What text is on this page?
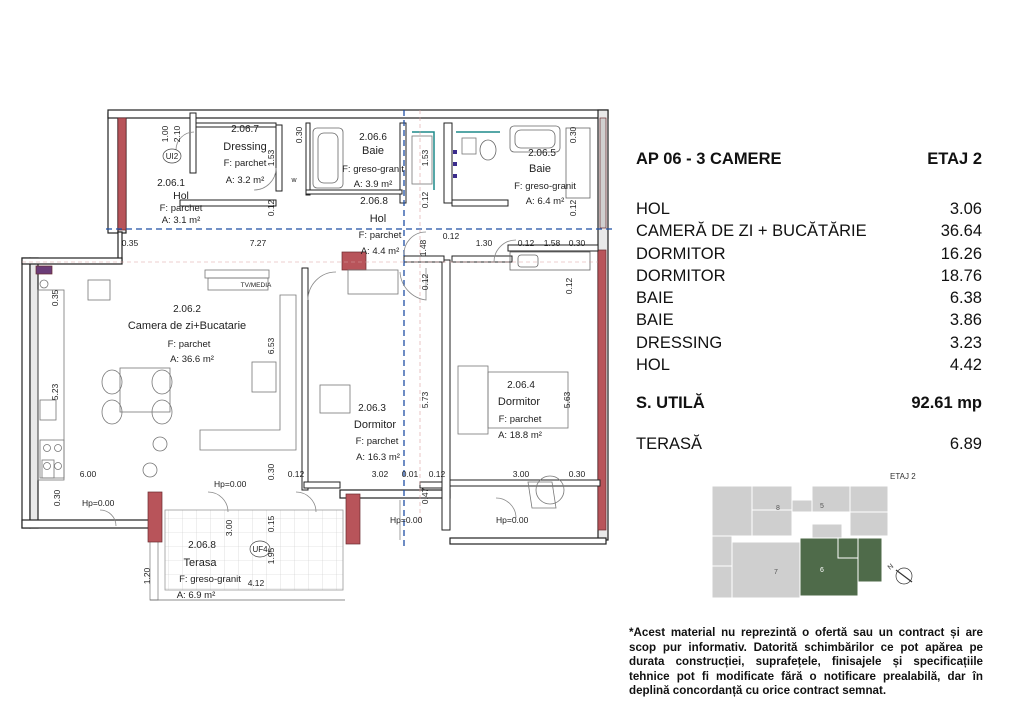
2.06.1
Hol
F: parchet
A: 3.1 m²
2.06.7
Dressing
F: parchet
A: 3.2 m²
2.06.6
Baie
F: greso-granit
A: 3.9 m²
2.06.8
Hol
F: parchet
A: 4.4 m²
2.06.5
Baie
F: greso-granit
A: 6.4 m²
2.06.2
Camera de zi+Bucatarie
F: parchet
A: 36.6 m²
2.06.3
Dormitor
F: parchet
A: 16.3 m²
2.06.4
Dormitor
F: parchet
A: 18.8 m²
2.06.8
Terasa
F: greso-granit
A: 6.9 m²
UI2
UF4
TV/MEDIA
w
1.00 2.10
1.53	1.53
0.30	0.30
0.12	0.12	0.12
0.35	7.27	1.48
0.12
1.30	0.12 1.58 0.30
0.35
6.53
5.23
0.12	0.12
5.73	5.63
6.00	0.30 0.12	3.02 0.01 0.12	3.00	0.30
0.30	0.47
3.00	0.15
1.95
4.12
1.20
Hp=0.00
Hp=0.00
Hp=0.00	Hp=0.00
AP 06 - 3 CAMERE	ETAJ 2
HOL	3.06
CAMERĂ DE ZI + BUCĂTĂRIE	36.64
DORMITOR	16.26
DORMITOR	18.76
BAIE	6.38
BAIE	3.86
DRESSING	3.23
HOL	4.42
S. UTILĂ	92.61 mp
TERASĂ	6.89
ETAJ 2
8	5
7	6	N
*Acest material nu reprezintă o ofertă sau un contract și are scop pur informativ. Datorită schimbărilor ce pot apărea pe durata construcției, suprafețele, finisajele și specificațiile tehnice pot fi modificate fără o notificare prealabilă, dar în deplină concordanță cu orice contract semnat.
